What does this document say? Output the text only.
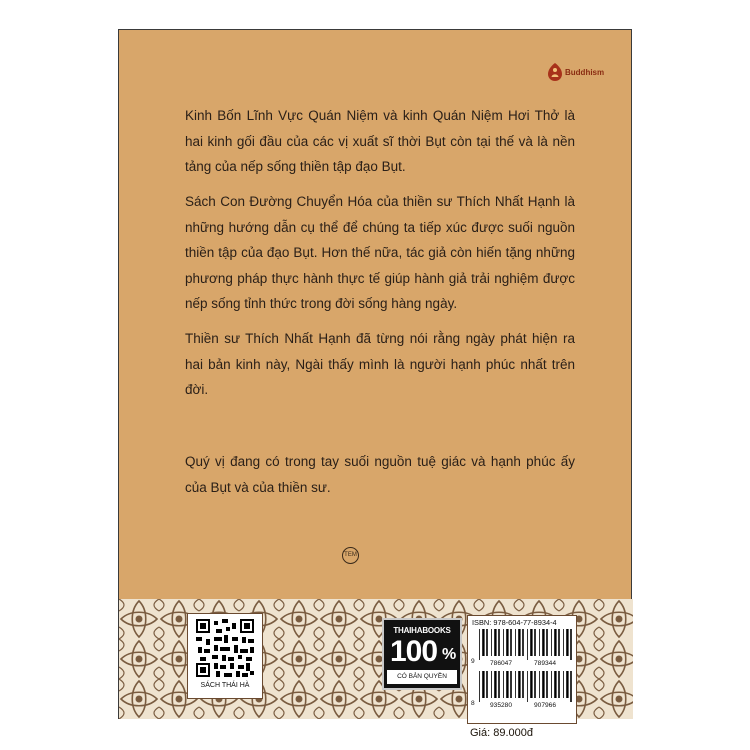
Buddhism

Kinh Bốn Lĩnh Vực Quán Niệm và kinh Quán Niệm Hơi Thở là hai kinh gối đầu của các vị xuất sĩ thời Bụt còn tại thế và là nền tảng của nếp sống thiền tập đạo Bụt.

Sách Con Đường Chuyển Hóa của thiền sư Thích Nhất Hạnh là những hướng dẫn cụ thể để chúng ta tiếp xúc được suối nguồn thiền tập của đạo Bụt. Hơn thế nữa, tác giả còn hiến tặng những phương pháp thực hành thực tế giúp hành giả trải nghiệm được nếp sống tỉnh thức trong đời sống hàng ngày.

Thiền sư Thích Nhất Hạnh đã từng nói rằng ngày phát hiện ra hai bản kinh này, Ngài thấy mình là người hạnh phúc nhất trên đời.

Quý vị đang có trong tay suối nguồn tuệ giác và hạnh phúc ấy của Bụt và của thiền sư.

TEM
SÁCH THÁI HÀ
THAIHABOOKS
100 %
CÓ BẢN QUYỀN
ISBN: 978-604-77-8934-4
9 786047	789344
8 935280	907966
Giá: 89.000đ
